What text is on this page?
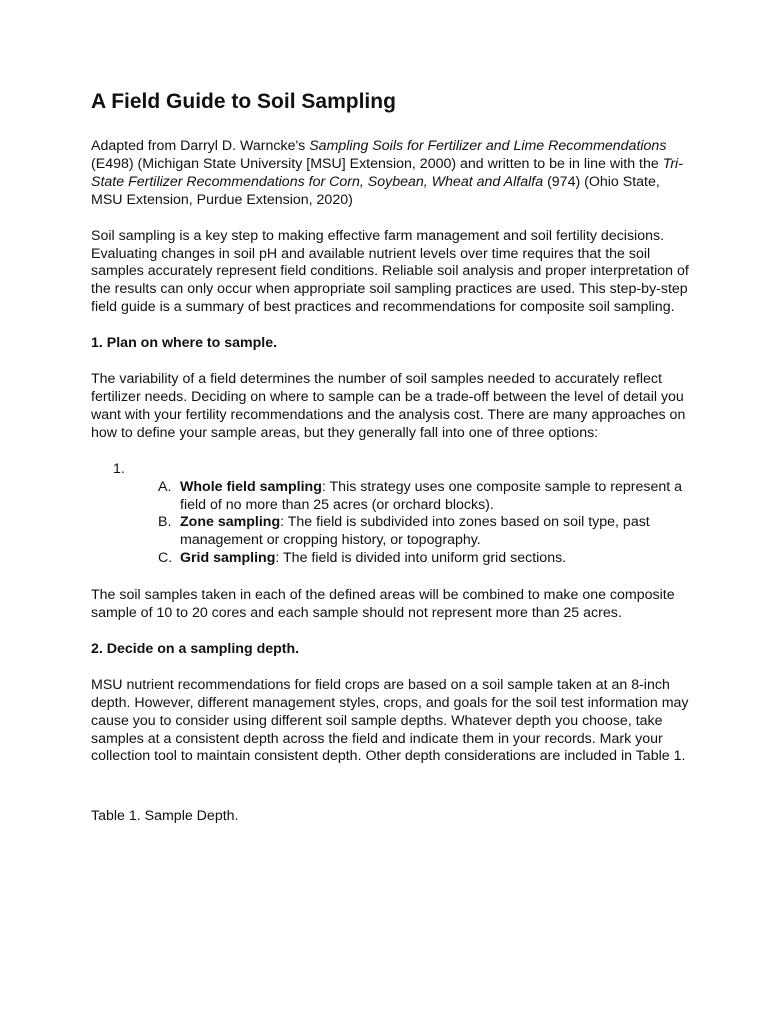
A Field Guide to Soil Sampling

Adapted from Darryl D. Warncke's Sampling Soils for Fertilizer and Lime Recommendations (E498) (Michigan State University [MSU] Extension, 2000) and written to be in line with the Tri-State Fertilizer Recommendations for Corn, Soybean, Wheat and Alfalfa (974) (Ohio State, MSU Extension, Purdue Extension, 2020)

Soil sampling is a key step to making effective farm management and soil fertility decisions. Evaluating changes in soil pH and available nutrient levels over time requires that the soil samples accurately represent field conditions. Reliable soil analysis and proper interpretation of the results can only occur when appropriate soil sampling practices are used. This step-by-step field guide is a summary of best practices and recommendations for composite soil sampling.

1. Plan on where to sample.

The variability of a field determines the number of soil samples needed to accurately reflect fertilizer needs. Deciding on where to sample can be a trade-off between the level of detail you want with your fertility recommendations and the analysis cost. There are many approaches on how to define your sample areas, but they generally fall into one of three options:

1.
A. Whole field sampling: This strategy uses one composite sample to represent a field of no more than 25 acres (or orchard blocks).
B. Zone sampling: The field is subdivided into zones based on soil type, past management or cropping history, or topography.
C. Grid sampling: The field is divided into uniform grid sections.

The soil samples taken in each of the defined areas will be combined to make one composite sample of 10 to 20 cores and each sample should not represent more than 25 acres.

2. Decide on a sampling depth.

MSU nutrient recommendations for field crops are based on a soil sample taken at an 8-inch depth. However, different management styles, crops, and goals for the soil test information may cause you to consider using different soil sample depths. Whatever depth you choose, take samples at a consistent depth across the field and indicate them in your records. Mark your collection tool to maintain consistent depth. Other depth considerations are included in Table 1.

Table 1. Sample Depth.
